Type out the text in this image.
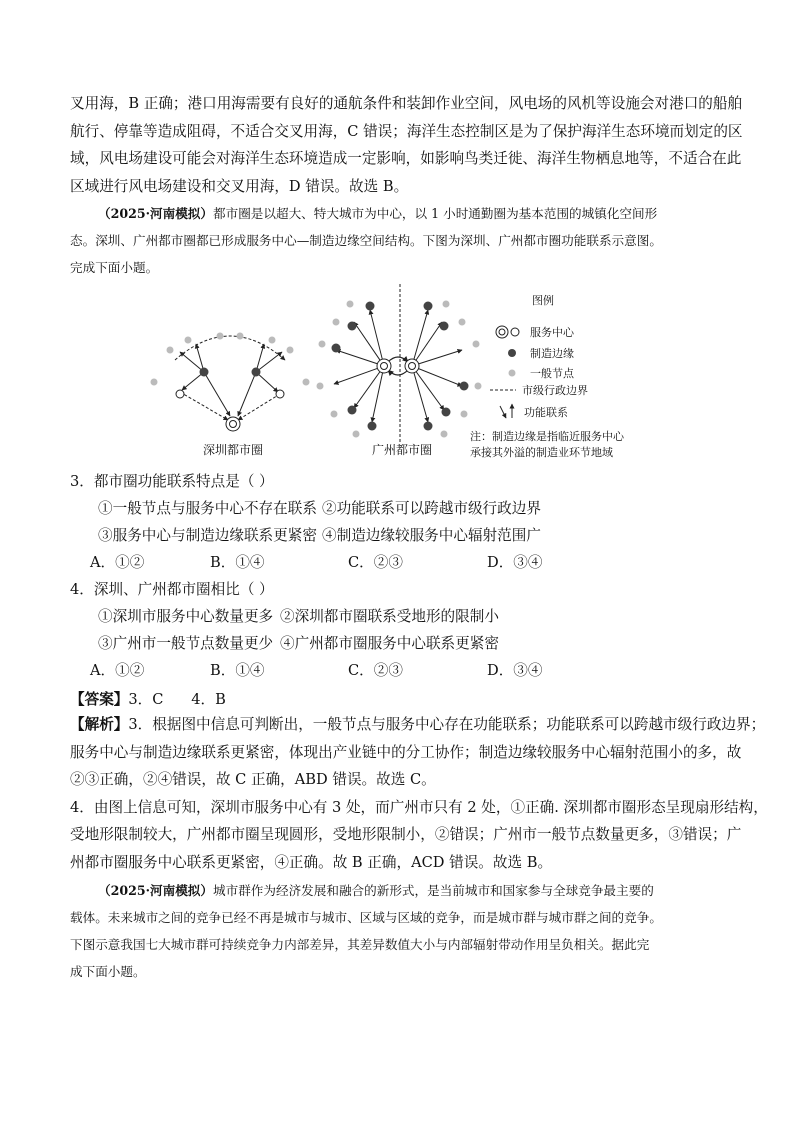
叉用海，B 正确；港口用海需要有良好的通航条件和装卸作业空间，风电场的风机等设施会对港口的船舶
航行、停靠等造成阻碍，不适合交叉用海，C 错误；海洋生态控制区是为了保护海洋生态环境而划定的区
域，风电场建设可能会对海洋生态环境造成一定影响，如影响鸟类迁徙、海洋生物栖息地等，不适合在此
区域进行风电场建设和交叉用海，D 错误。故选 B。
（2025·河南模拟）都市圈是以超大、特大城市为中心，以 1 小时通勤圈为基本范围的城镇化空间形
态。深圳、广州都市圈都已形成服务中心—制造边缘空间结构。下图为深圳、广州都市圈功能联系示意图。
完成下面小题。
深圳都市圈	广州都市圈
图例
服务中心
制造边缘
一般节点
市级行政边界
功能联系
注：制造边缘是指临近服务中心
承接其外溢的制造业环节地域
3．都市圈功能联系特点是（ ）
①一般节点与服务中心不存在联系 ②功能联系可以跨越市级行政边界
③服务中心与制造边缘联系更紧密 ④制造边缘较服务中心辐射范围广
A．①②	B．①④	C．②③	D．③④
4．深圳、广州都市圈相比（ ）
①深圳市服务中心数量更多 ②深圳都市圈联系受地形的限制小
③广州市一般节点数量更少 ④广州都市圈服务中心联系更紧密
A．①②	B．①④	C．②③	D．③④
【答案】3．C      4．B
【解析】3．根据图中信息可判断出，一般节点与服务中心存在功能联系；功能联系可以跨越市级行政边界；
服务中心与制造边缘联系更紧密，体现出产业链中的分工协作；制造边缘较服务中心辐射范围小的多，故
②③正确，②④错误，故 C 正确，ABD 错误。故选 C。
4．由图上信息可知，深圳市服务中心有 3 处，而广州市只有 2 处，①正确. 深圳都市圈形态呈现扇形结构，
受地形限制较大，广州都市圈呈现圆形，受地形限制小，②错误；广州市一般节点数量更多，③错误；广
州都市圈服务中心联系更紧密，④正确。故 B 正确，ACD 错误。故选 B。
（2025·河南模拟）城市群作为经济发展和融合的新形式，是当前城市和国家参与全球竞争最主要的
载体。未来城市之间的竞争已经不再是城市与城市、区域与区域的竞争，而是城市群与城市群之间的竞争。
下图示意我国七大城市群可持续竞争力内部差异，其差异数值大小与内部辐射带动作用呈负相关。据此完
成下面小题。
